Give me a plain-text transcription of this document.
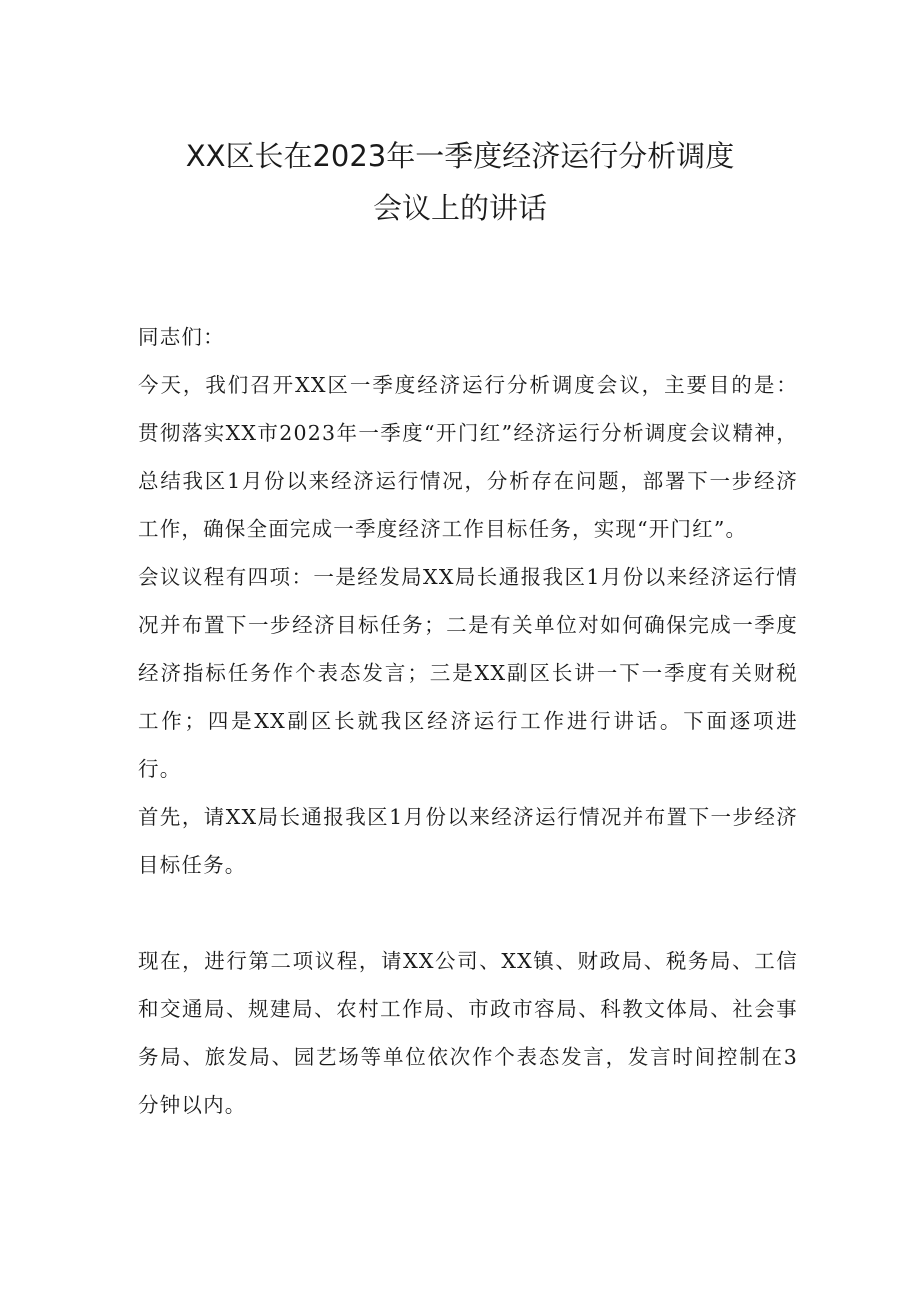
XX区长在2023年一季度经济运行分析调度
会议上的讲话

同志们：

今天，我们召开XX区一季度经济运行分析调度会议，主要目的是：贯彻落实XX市2023年一季度“开门红”经济运行分析调度会议精神，总结我区1月份以来经济运行情况，分析存在问题，部署下一步经济工作，确保全面完成一季度经济工作目标任务，实现“开门红”。

会议议程有四项：一是经发局XX局长通报我区1月份以来经济运行情况并布置下一步经济目标任务；二是有关单位对如何确保完成一季度经济指标任务作个表态发言；三是XX副区长讲一下一季度有关财税工作；四是XX副区长就我区经济运行工作进行讲话。下面逐项进行。

首先，请XX局长通报我区1月份以来经济运行情况并布置下一步经济目标任务。

现在，进行第二项议程，请XX公司、XX镇、财政局、税务局、工信和交通局、规建局、农村工作局、市政市容局、科教文体局、社会事务局、旅发局、园艺场等单位依次作个表态发言，发言时间控制在3分钟以内。
